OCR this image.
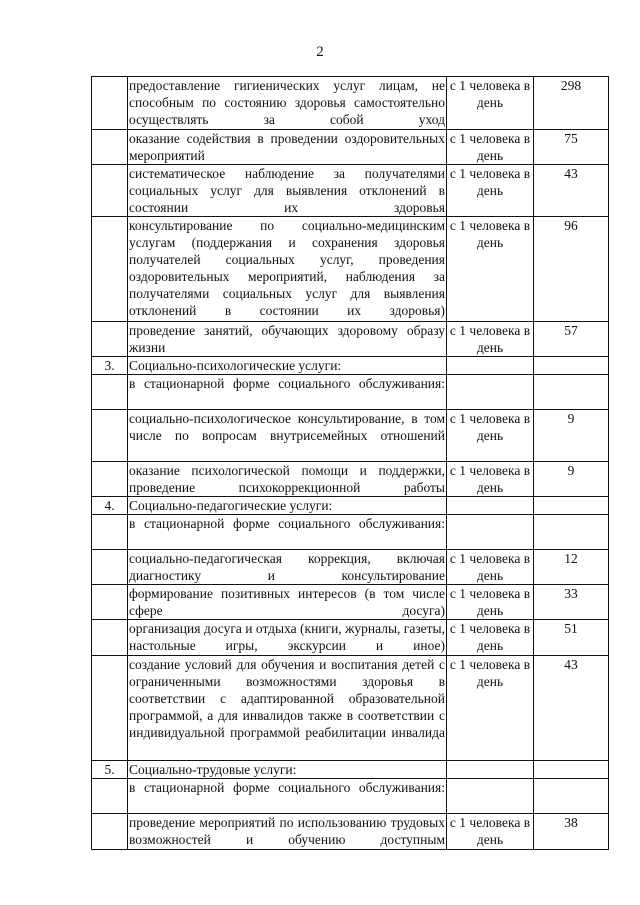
2
	предоставление гигиенических услуг лицам, не способным по состоянию здоровья самостоятельно осуществлять за собой уход	с 1 человека в день	298
	оказание содействия в проведении оздоровительных мероприятий	с 1 человека в день	75
	систематическое наблюдение за получателями социальных услуг для выявления отклонений в состоянии их здоровья	с 1 человека в день	43
	консультирование по социально-медицинским услугам (поддержания и сохранения здоровья получателей социальных услуг, проведения оздоровительных мероприятий, наблюдения за получателями социальных услуг для выявления отклонений в состоянии их здоровья)	с 1 человека в день	96
	проведение занятий, обучающих здоровому образу жизни	с 1 человека в день	57
3.	Социально-психологические услуги:		
	в стационарной форме социального обслуживания:		
	социально-психологическое консультирование, в том числе по вопросам внутрисемейных отношений	с 1 человека в день	9
	оказание психологической помощи и поддержки, проведение психокоррекционной работы	с 1 человека в день	9
4.	Социально-педагогические услуги:		
	в стационарной форме социального обслуживания:		
	социально-педагогическая коррекция, включая диагностику и консультирование	с 1 человека в день	12
	формирование позитивных интересов (в том числе сфере досуга)	с 1 человека в день	33
	организация досуга и отдыха (книги, журналы, газеты, настольные игры, экскурсии и иное)	с 1 человека в день	51
	создание условий для обучения и воспитания детей с ограниченными возможностями здоровья в соответствии с адаптированной образовательной программой, а для инвалидов также в соответствии с индивидуальной программой реабилитации инвалида	с 1 человека в день	43
5.	Социально-трудовые услуги:		
	в стационарной форме социального обслуживания:		
	проведение мероприятий по использованию трудовых возможностей и обучению доступным	с 1 человека в день	38
